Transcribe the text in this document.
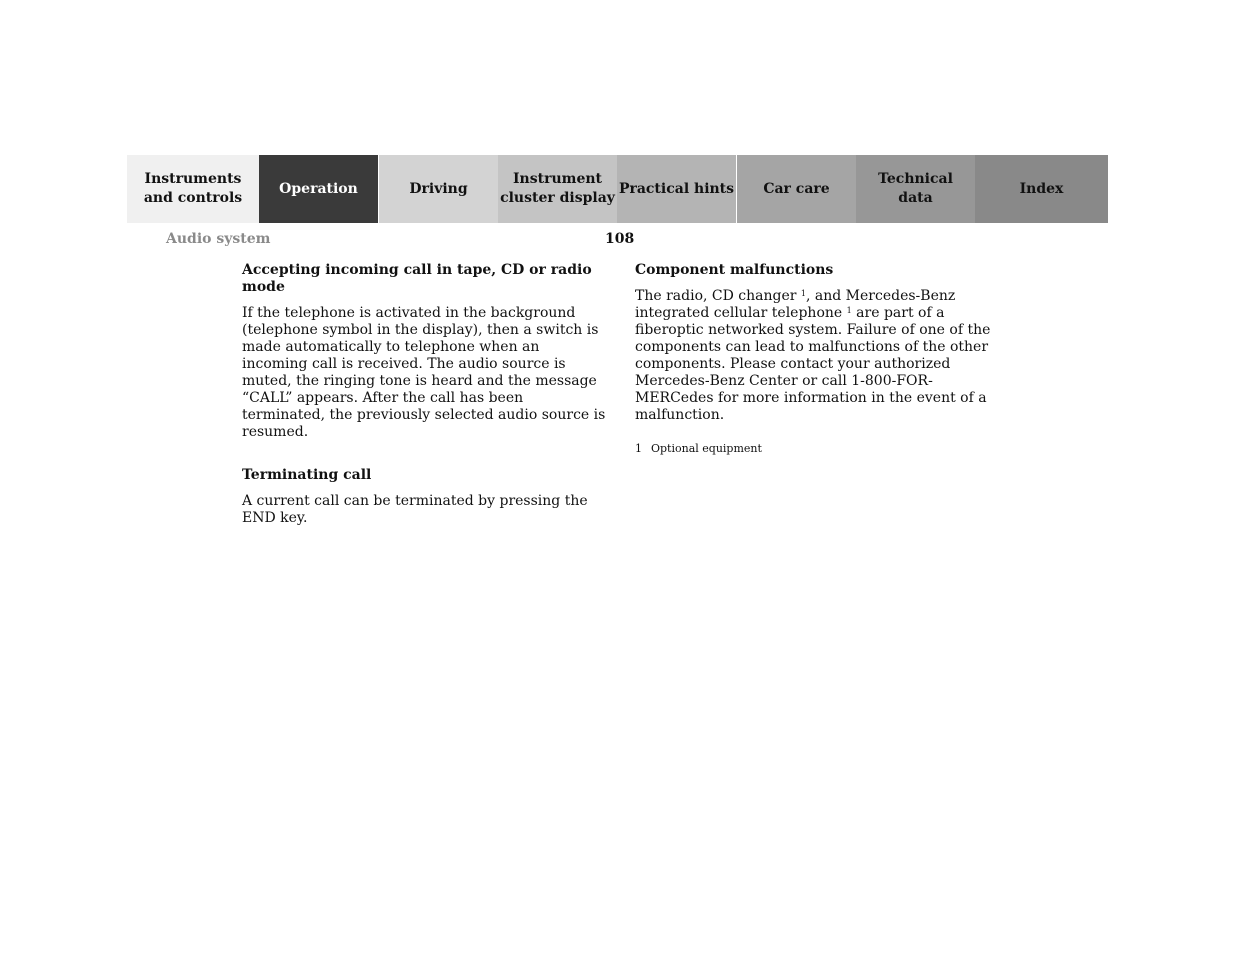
Instruments
and controls
Operation	Driving
Instrument
cluster display
Practical hints Car care
Technical
data
Index
Audio system	108
Accepting incoming call in tape, CD or radio mode
If the telephone is activated in the background (telephone symbol in the display), then a switch is made automatically to telephone when an incoming call is received. The audio source is muted, the ringing tone is heard and the message “CALL” appears. After the call has been terminated, the previously selected audio source is resumed.
Terminating call
A current call can be terminated by pressing the END key.
Component malfunctions
The radio, CD changer $^1$, and Mercedes-Benz integrated cellular telephone $^1$ are part of a fiberoptic networked system. Failure of one of the components can lead to malfunctions of the other components. Please contact your authorized Mercedes-Benz Center or call 1-800-FOR-MERCedes for more information in the event of a malfunction.
1 Optional equipment
